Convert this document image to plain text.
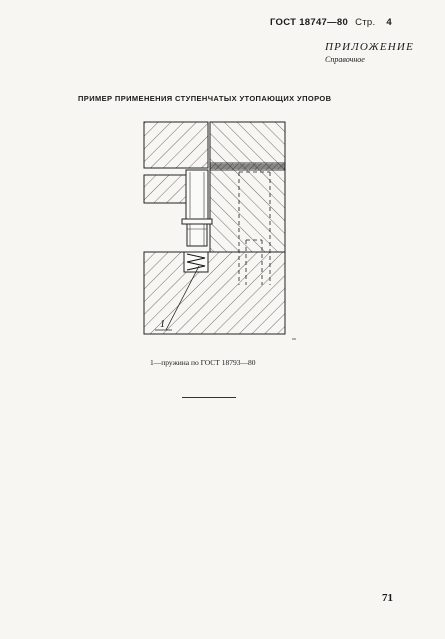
ГОСТ 18747—80 Стр. 4
ПРИЛОЖЕНИЕ
Справочное
ПРИМЕР ПРИМЕНЕНИЯ СТУПЕНЧАТЫХ УТОПАЮЩИХ УПОРОВ
1
1—пружина по ГОСТ 18793—80
71
